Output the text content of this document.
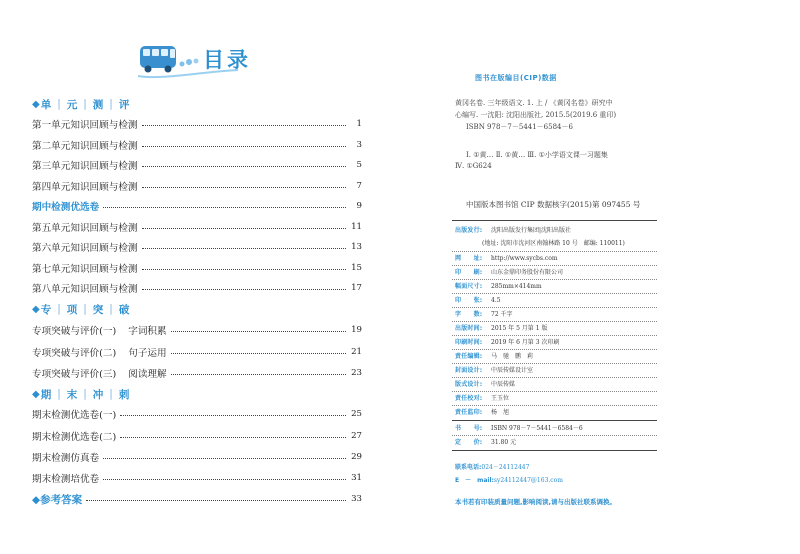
目录
◆ 单 | 元 | 测 | 评
第一单元知识回顾与检测	1
第二单元知识回顾与检测	3
第三单元知识回顾与检测	5
第四单元知识回顾与检测	7
期中检测优选卷	9
第五单元知识回顾与检测	11
第六单元知识回顾与检测	13
第七单元知识回顾与检测	15
第八单元知识回顾与检测	17
◆ 专 | 项 | 突 | 破
专项突破与评价(一) 字词积累	19
专项突破与评价(二) 句子运用	21
专项突破与评价(三) 阅读理解	23
◆ 期 | 末 | 冲 | 刺
期末检测优选卷(一)	25
期末检测优选卷(二)	27
期末检测仿真卷	29
期末检测培优卷	31
◆参考答案	33
图书在版编目(CIP)数据
黄冈名卷. 三年级语文. 1. 上 / 《黄冈名卷》研究中
心编写. 一沈阳: 沈阳出版社, 2015.5(2019.6 重印)
ISBN 978－7－5441－6584－6
Ⅰ. ①黄… Ⅱ. ①黄… Ⅲ. ①小学语文课一习题集
Ⅳ. ①G624
中国版本图书馆 CIP 数据核字(2015)第 097455 号
出版发行: 沈阳出版发行集团|沈阳出版社
(地址: 沈阳市沈河区南翰林路 10 号　邮编: 110011)
网　　址: http://www.sycbs.com
印　　刷: 山东金鼎印务股份有限公司
幅面尺寸: 285mm×414mm
印　　张: 4.5
字　　数: 72 千字
出版时间: 2015 年 5 月第 1 版
印刷时间: 2019 年 6 月第 3 次印刷
责任编辑: 马　驰　鹏　莉
封面设计: 中辰传媒设计室
版式设计: 中辰传媒
责任校对: 王玉位
责任监印: 杨　旭
书　　号: ISBN 978－7－5441－6584－6
定　　价: 31.80 元
联系电话:024－24112447
E　－　mail:sy24112447@163.com
本书若有印装质量问题,影响阅读,请与出版社联系调换。
